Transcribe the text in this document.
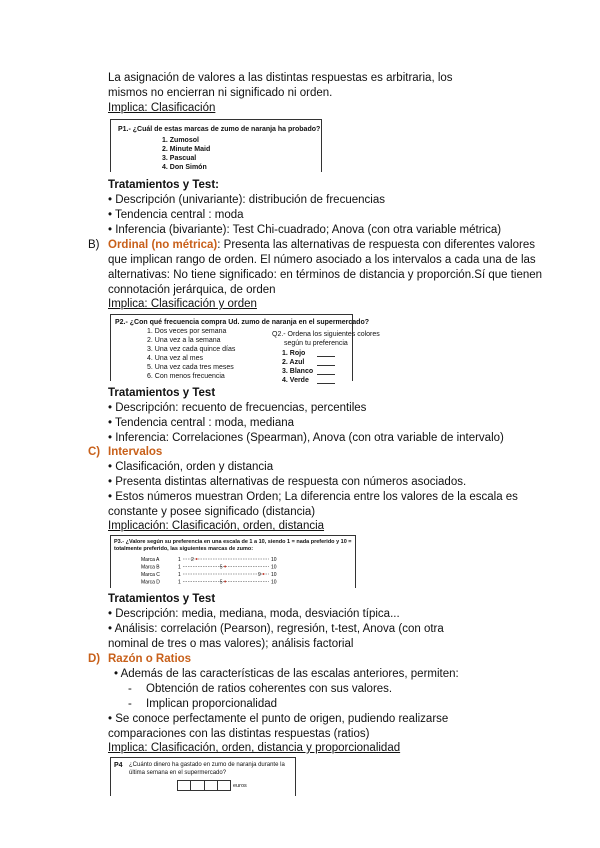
La asignación de valores a las distintas respuestas es arbitraria, los
mismos no encierran ni significado ni orden.
Implica: Clasificación
P1.- ¿Cuál de estas marcas de zumo de naranja ha probado?
1. Zumosol
2. Minute Maid
3. Pascual
4. Don Simón
Tratamientos y Test:
• Descripción (univariante): distribución de frecuencias
• Tendencia central : moda
• Inferencia (bivariante): Test Chi-cuadrado; Anova (con otra variable métrica)
B) Ordinal (no métrica): Presenta las alternativas de respuesta con diferentes valores
que implican rango de orden. El número asociado a los intervalos a cada una de las
alternativas: No tiene significado: en términos de distancia y proporción.Sí que tienen
connotación jerárquica, de orden
Implica: Clasificación y orden
P2.- ¿Con qué frecuencia compra Ud. zumo de naranja en el supermercado?
1. Dos veces por semana
2. Una vez a la semana
3. Una vez cada quince días
4. Una vez al mes
5. Una vez cada tres meses
6. Con menos frecuencia
Q2.- Ordena los siguientes colores
según tu preferencia
1. Rojo
2. Azul
3. Blanco
4. Verde
Tratamientos y Test
• Descripción: recuento de frecuencias, percentiles
• Tendencia central : moda, mediana
• Inferencia: Correlaciones (Spearman), Anova (con otra variable de intervalo)
C) Intervalos
• Clasificación, orden y distancia
• Presenta distintas alternativas de respuesta con números asociados.
• Estos números muestran Orden; La diferencia entre los valores de la escala es
constante y posee significado (distancia)
Implicación: Clasificación, orden, distancia
P3.- ¿Valore según su preferencia en una escala de 1 a 10, siendo 1 = nada preferido y 10 =
totalmente preferido, las siguientes marcas de zumo:
Marca A	1	10
2
Marca B	1	10
5
Marca C	1	10
9
Marca D	1	10
5
Tratamientos y Test
• Descripción: media, mediana, moda, desviación típica...
• Análisis: correlación (Pearson), regresión, t-test, Anova (con otra
nominal de tres o mas valores); análisis factorial
D) Razón o Ratios
• Además de las características de las escalas anteriores, permiten:
- Obtención de ratios coherentes con sus valores.
- Implican proporcionalidad
• Se conoce perfectamente el punto de origen, pudiendo realizarse
comparaciones con las distintas respuestas (ratios)
Implica: Clasificación, orden, distancia y proporcionalidad
P4 ¿Cuánto dinero ha gastado en zumo de naranja durante la
última semana en el supermercado?
euros
